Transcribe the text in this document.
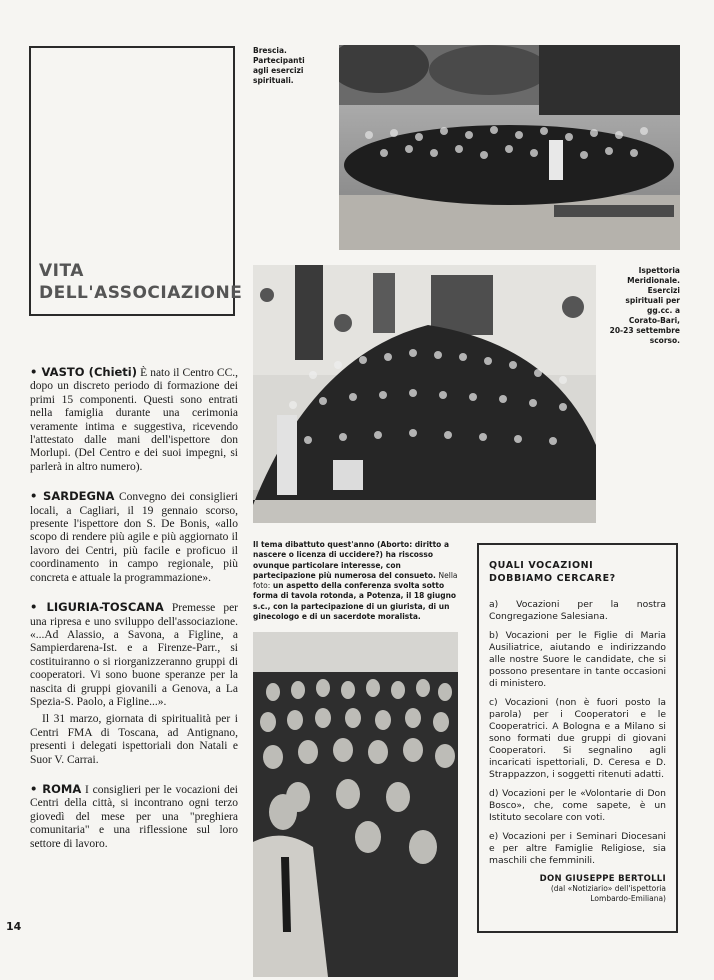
VITA
DELL'ASSOCIAZIONE
Brescia.
Partecipanti
agli esercizi
spirituali.
Ispettoria
Meridionale.
Esercizi
spirituali per
gg.cc. a
Corato-Bari,
20-23 settembre
scorso.
Il tema dibattuto quest'anno (Aborto: diritto a nascere o licenza di uccidere?) ha riscosso ovunque particolare interesse, con partecipazione più numerosa del consueto. Nella foto: un aspetto della conferenza svolta sotto forma di tavola rotonda, a Potenza, il 18 giugno s.c., con la partecipazione di un giurista, di un ginecologo e di un sacerdote moralista.

• VASTO (Chieti) È nato il Centro CC., dopo un discreto periodo di formazione dei primi 15 componenti. Questi sono entrati nella famiglia durante una cerimonia veramente intima e suggestiva, ricevendo l'attestato dalle mani dell'ispettore don Morlupi. (Del Centro e dei suoi impegni, si parlerà in altro numero).

• SARDEGNA Convegno dei consiglieri locali, a Cagliari, il 19 gennaio scorso, presente l'ispettore don S. De Bonis, «allo scopo di rendere più agile e più aggiornato il lavoro dei Centri, più facile e proficuo il coordinamento in campo regionale, più concreta e attuale la programmazione».

• LIGURIA-TOSCANA Premesse per una ripresa e uno sviluppo dell'associazione. «...Ad Alassio, a Savona, a Figline, a Sampierdarena-Ist. e a Firenze-Parr., si costituiranno o si riorganizzeranno gruppi di cooperatori. Vi sono buone speranze per la nascita di gruppi giovanili a Genova, a La Spezia-S. Paolo, a Figline...».
Il 31 marzo, giornata di spiritualità per i Centri FMA di Toscana, ad Antignano, presenti i delegati ispettoriali don Natali e Suor V. Carrai.

• ROMA I consiglieri per le vocazioni dei Centri della città, si incontrano ogni terzo giovedì del mese per una "preghiera comunitaria" e una riflessione sul loro settore di lavoro.

14
QUALI VOCAZIONI
DOBBIAMO CERCARE?
a) Vocazioni per la nostra Congregazione Salesiana.
b) Vocazioni per le Figlie di Maria Ausiliatrice, aiutando e indirizzando alle nostre Suore le candidate, che si possono presentare in tante occasioni di ministero.
c) Vocazioni (non è fuori posto la parola) per i Cooperatori e le Cooperatrici. A Bologna e a Milano si sono formati due gruppi di giovani Cooperatori. Si segnalino agli incaricati ispettoriali, D. Ceresa e D. Strappazzon, i soggetti ritenuti adatti.
d) Vocazioni per le «Volontarie di Don Bosco», che, come sapete, è un Istituto secolare con voti.
e) Vocazioni per i Seminari Diocesani e per altre Famiglie Religiose, sia maschili che femminili.
DON GIUSEPPE BERTOLLI
(dal «Notiziario» dell'ispettoria
Lombardo-Emiliana)
